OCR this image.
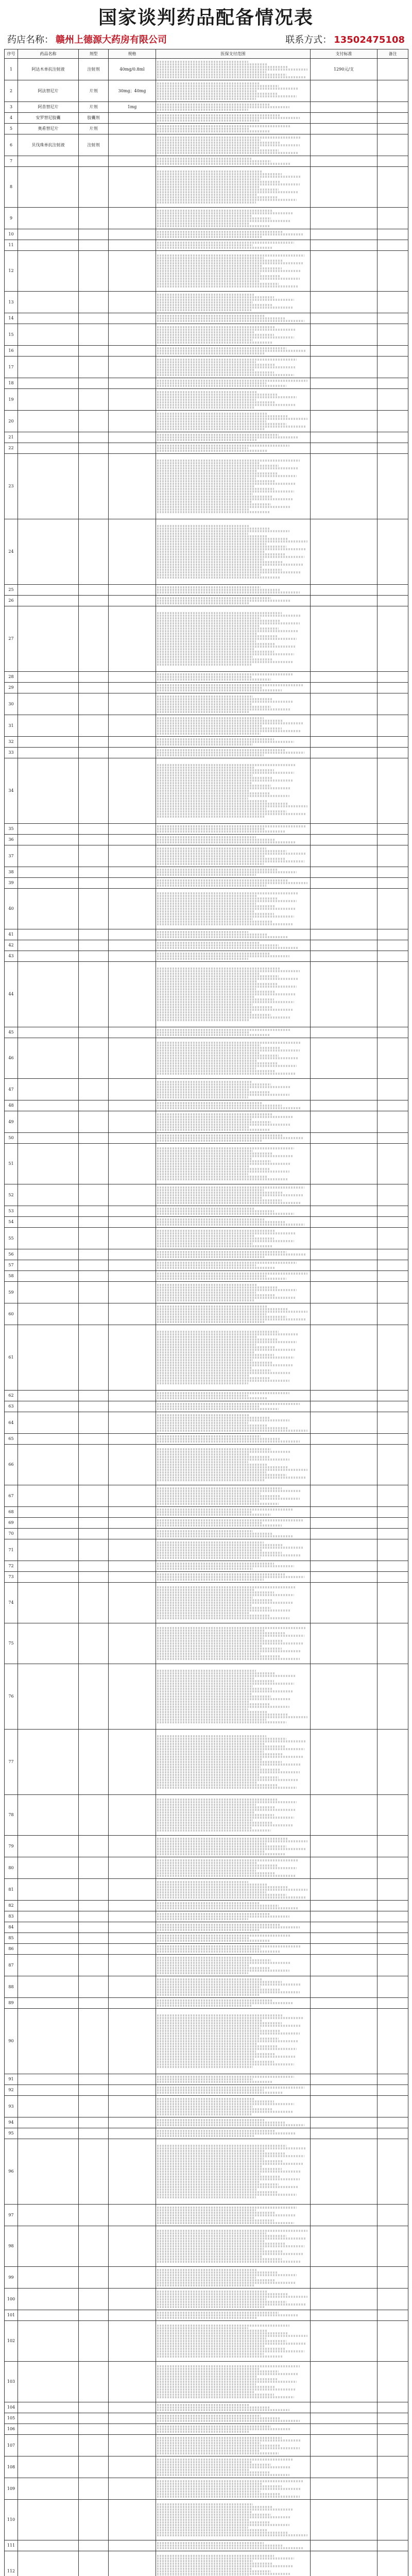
国家谈判药品配备情况表
药店名称： 赣州上德源大药房有限公司	联系方式： 13502475108
序号	药品名称	剂型	规格	医保支付范围	支付标准	备注
1	阿达木单抗注射液	注射剂	40mg/0.8ml		1290元/支	
2	阿法替尼片	片剂	30mg；40mg	

3	阿昔替尼片	片剂	1mg	

4	安罗替尼胶囊	胶囊剂		

5	奥希替尼片	片剂		

6	贝伐珠单抗注射液	注射剂		

7				

8				

9				

10				

11				

12				

13				

14				

15				

16				

17				

18				

19				

20				

21				

22				

23				

24				

25				

26				

27				

28				

29				

30				

31				

32				

33				

34				

35				

36				

37				

38				

39				

40				

41				

42				

43				

44				

45				

46				

47				

48				

49				

50				

51				

52				

53				

54				

55				

56				

57				

58				

59				

60				

61				

62				

63				

64				

65				

66				

67				

68				

69				

70				

71				

72				

73				

74				

75				

76				

77				

78				

79				

80				

81				

82				

83				

84				

85				

86				

87				

88				

89				

90				

91				

92				

93				

94				

95				

96				

97				

98				

99				

100				

101				

102				

103				

104				

105				

106				

107				

108				

109				

110				

111				

112				
